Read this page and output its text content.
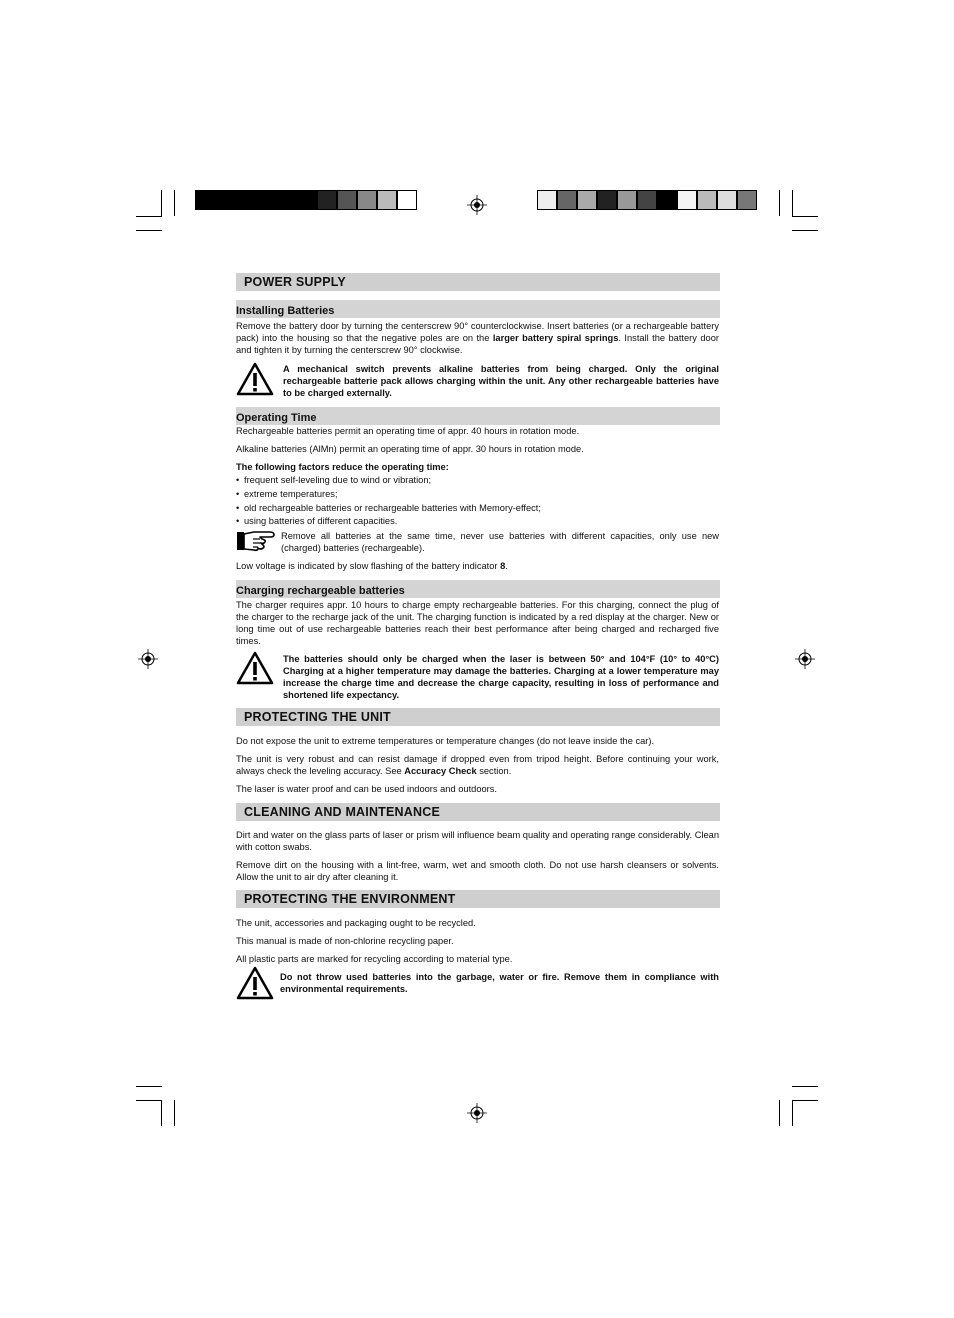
POWER SUPPLY
Installing Batteries
Remove the battery door by turning the centerscrew 90° counterclockwise. Insert batteries (or a rechargeable battery pack) into the housing so that the negative poles are on the larger battery spiral springs. Install the battery door and tighten it by turning the centerscrew 90° clockwise.
A mechanical switch prevents alkaline batteries from being charged. Only the original rechargeable batterie pack allows charging within the unit. Any other rechargeable batteries have to be charged externally.
Operating Time
Rechargeable batteries permit an operating time of appr. 40 hours in rotation mode.
Alkaline batteries (AlMn) permit an operating time of appr. 30 hours in rotation mode.
The following factors reduce the operating time:
• frequent self-leveling due to wind or vibration;
• extreme temperatures;
• old rechargeable batteries or rechargeable batteries with Memory-effect;
• using batteries of different capacities.
Remove all batteries at the same time, never use batteries with different capacities, only use new (charged) batteries (rechargeable).
Low voltage is indicated by slow flashing of the battery indicator 8.
Charging rechargeable batteries
The charger requires appr. 10 hours to charge empty rechargeable batteries. For this charging, connect the plug of the charger to the recharge jack of the unit. The charging function is indicated by a red display at the charger. New or long time out of use rechargeable batteries reach their best performance after being charged and recharged five times.
The batteries should only be charged when the laser is between 50° and 104°F (10° to 40°C) Charging at a higher temperature may damage the batteries. Charging at a lower temperature may increase the charge time and decrease the charge capacity, resulting in loss of performance and shortened life expectancy.
PROTECTING THE UNIT
Do not expose the unit to extreme temperatures or temperature changes (do not leave inside the car).
The unit is very robust and can resist damage if dropped even from tripod height. Before continuing your work, always check the leveling accuracy. See Accuracy Check section.
The laser is water proof and can be used indoors and outdoors.
CLEANING AND MAINTENANCE
Dirt and water on the glass parts of laser or prism will influence beam quality and operating range considerably. Clean with cotton swabs.
Remove dirt on the housing with a lint-free, warm, wet and smooth cloth. Do not use harsh cleansers or solvents. Allow the unit to air dry after cleaning it.
PROTECTING THE ENVIRONMENT
The unit, accessories and packaging ought to be recycled.
This manual is made of non-chlorine recycling paper.
All plastic parts are marked for recycling according to material type.
Do not throw used batteries into the garbage, water or fire. Remove them in compliance with environmental requirements.
